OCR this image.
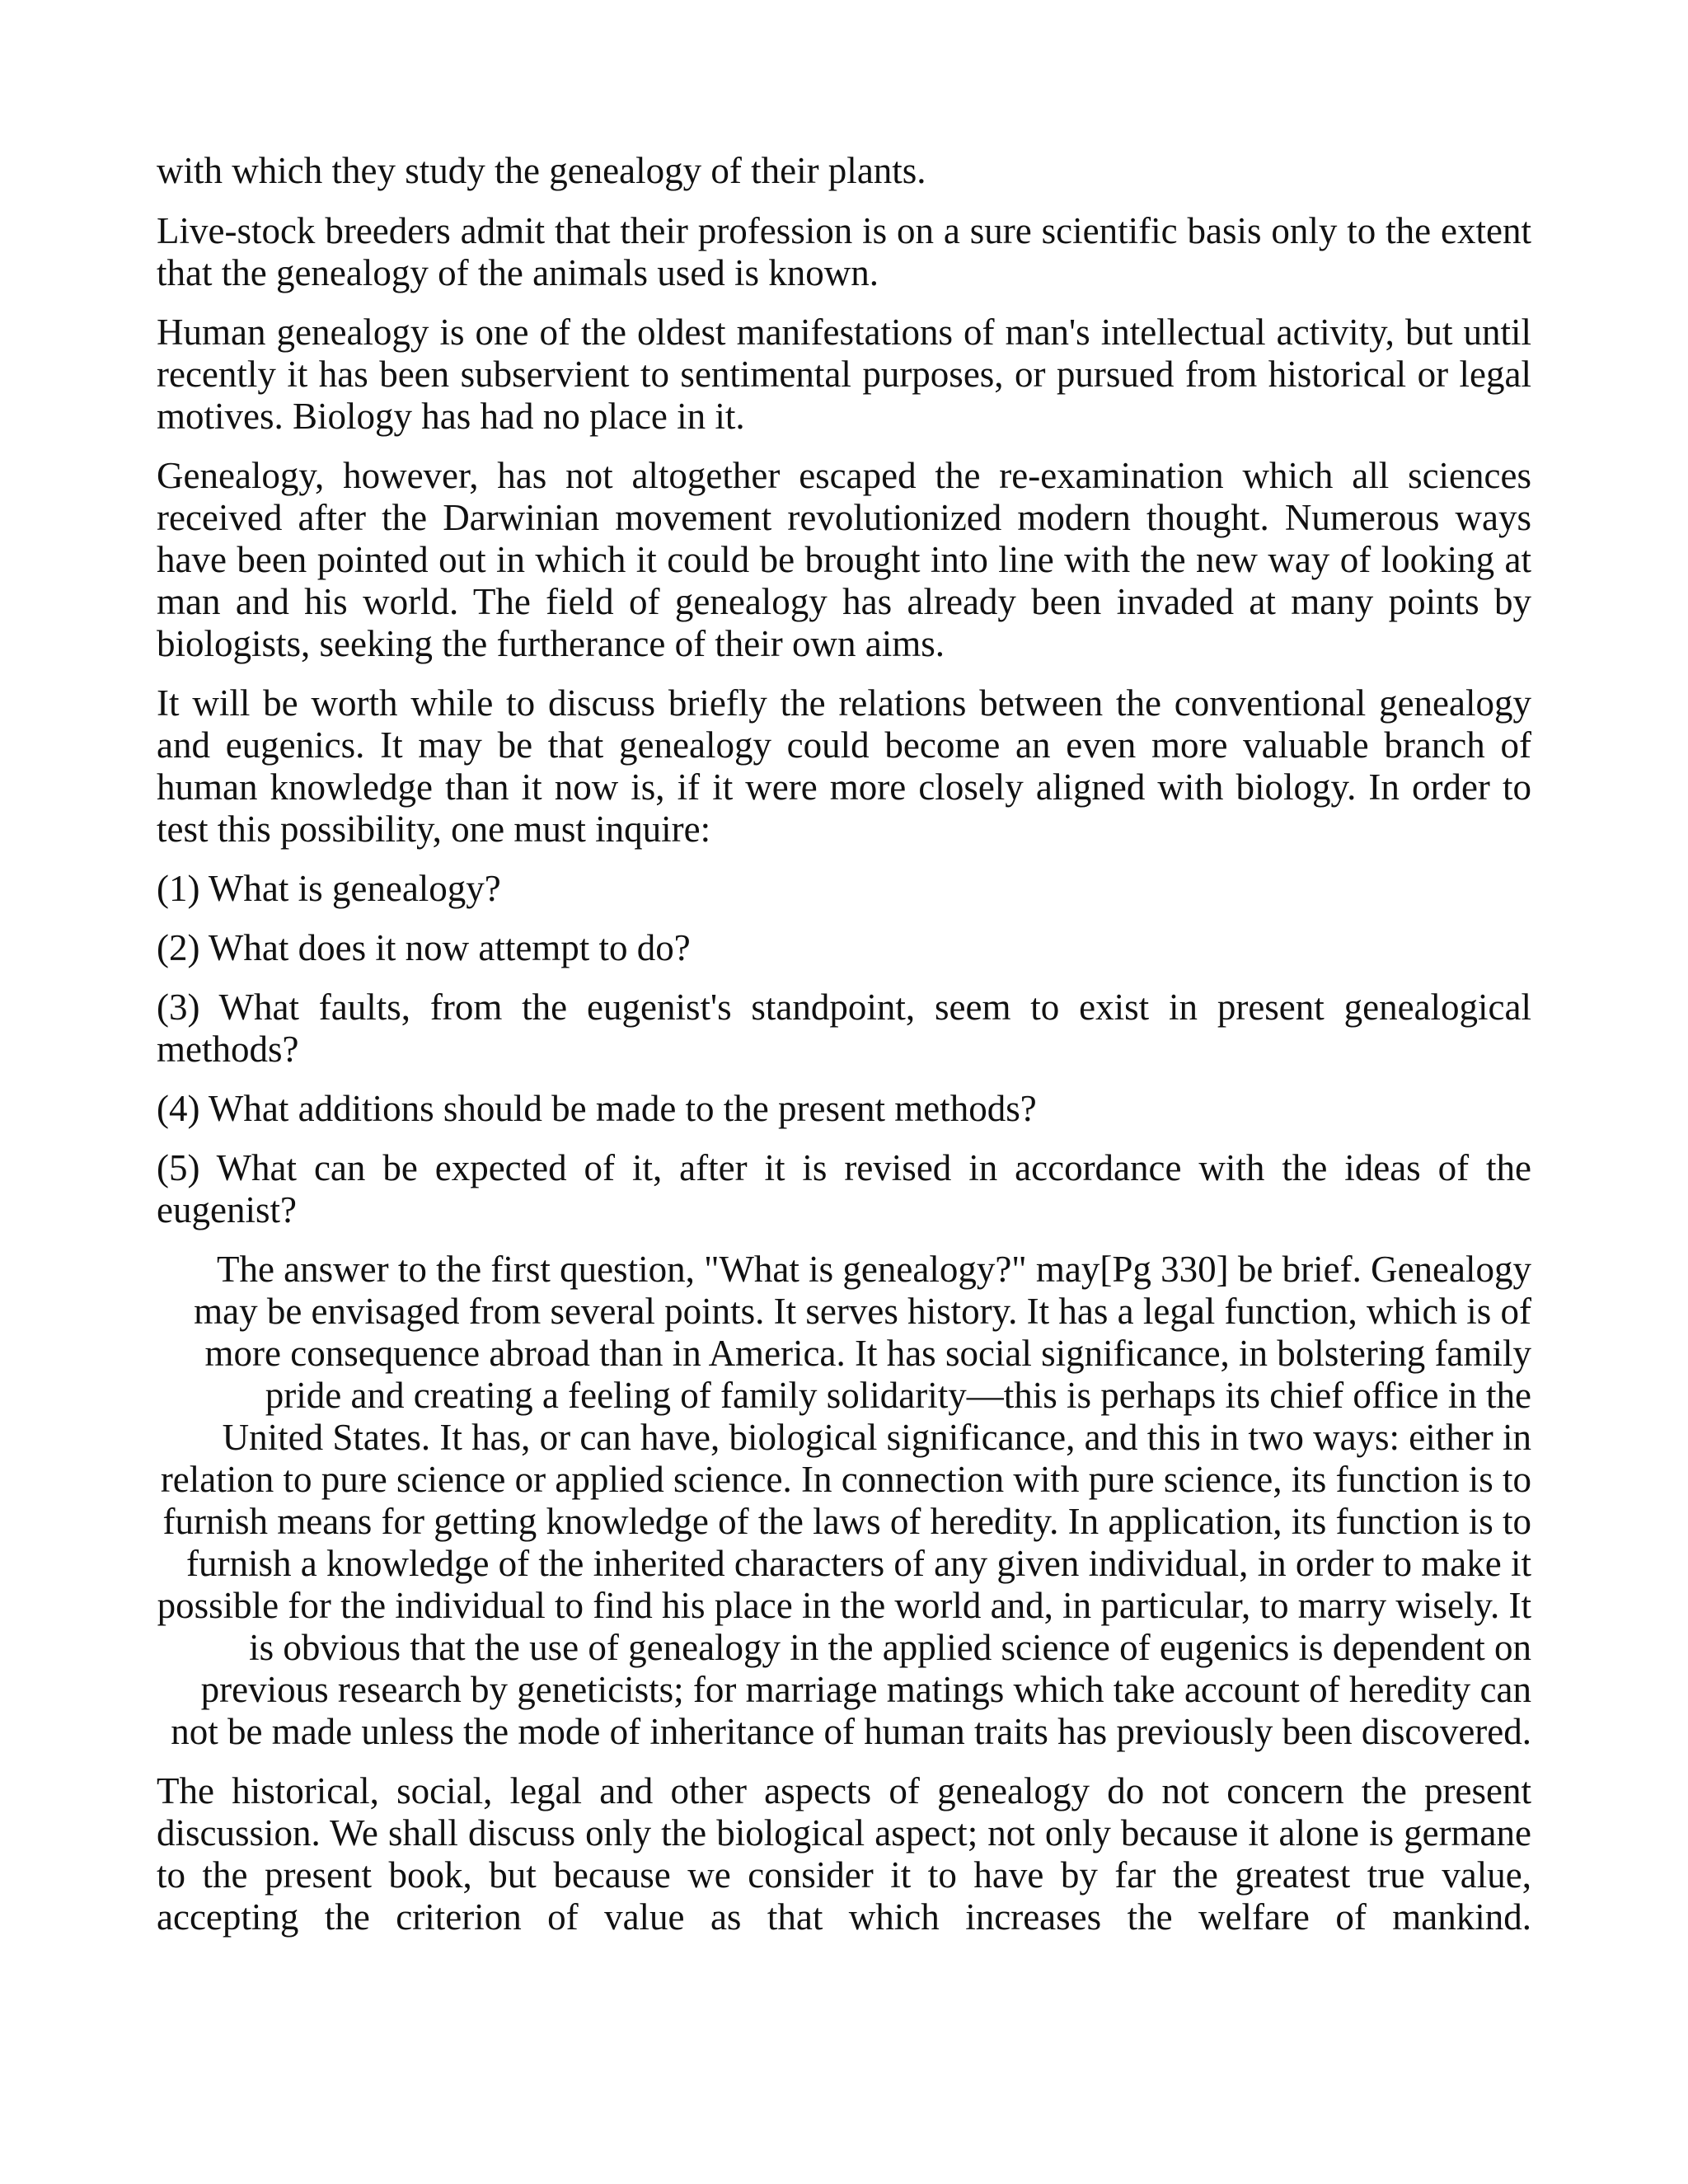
with which they study the genealogy of their plants.

Live-stock breeders admit that their profession is on a sure scientific basis only to the extent that the genealogy of the animals used is known.

Human genealogy is one of the oldest manifestations of man's intellectual activity, but until recently it has been subservient to sentimental purposes, or pursued from historical or legal motives. Biology has had no place in it.

Genealogy, however, has not altogether escaped the re-examination which all sciences received after the Darwinian movement revolutionized modern thought. Numerous ways have been pointed out in which it could be brought into line with the new way of looking at man and his world. The field of genealogy has already been invaded at many points by biologists, seeking the furtherance of their own aims.

It will be worth while to discuss briefly the relations between the conventional genealogy and eugenics. It may be that genealogy could become an even more valuable branch of human knowledge than it now is, if it were more closely aligned with biology. In order to test this possibility, one must inquire:

(1) What is genealogy?

(2) What does it now attempt to do?

(3) What faults, from the eugenist's standpoint, seem to exist in present genealogical methods?

(4) What additions should be made to the present methods?

(5) What can be expected of it, after it is revised in accordance with the ideas of the eugenist?

The answer to the first question, "What is genealogy?" may[Pg 330] be brief. Genealogy may be envisaged from several points. It serves history. It has a legal function, which is of more consequence abroad than in America. It has social significance, in bolstering family pride and creating a feeling of family solidarity—this is perhaps its chief office in the United States. It has, or can have, biological significance, and this in two ways: either in relation to pure science or applied science. In connection with pure science, its function is to furnish means for getting knowledge of the laws of heredity. In application, its function is to furnish a knowledge of the inherited characters of any given individual, in order to make it possible for the individual to find his place in the world and, in particular, to marry wisely. It is obvious that the use of genealogy in the applied science of eugenics is dependent on previous research by geneticists; for marriage matings which take account of heredity can not be made unless the mode of inheritance of human traits has previously been discovered.

The historical, social, legal and other aspects of genealogy do not concern the present discussion. We shall discuss only the biological aspect; not only because it alone is germane to the present book, but because we consider it to have by far the greatest true value, accepting the criterion of value as that which increases the welfare of mankind.
